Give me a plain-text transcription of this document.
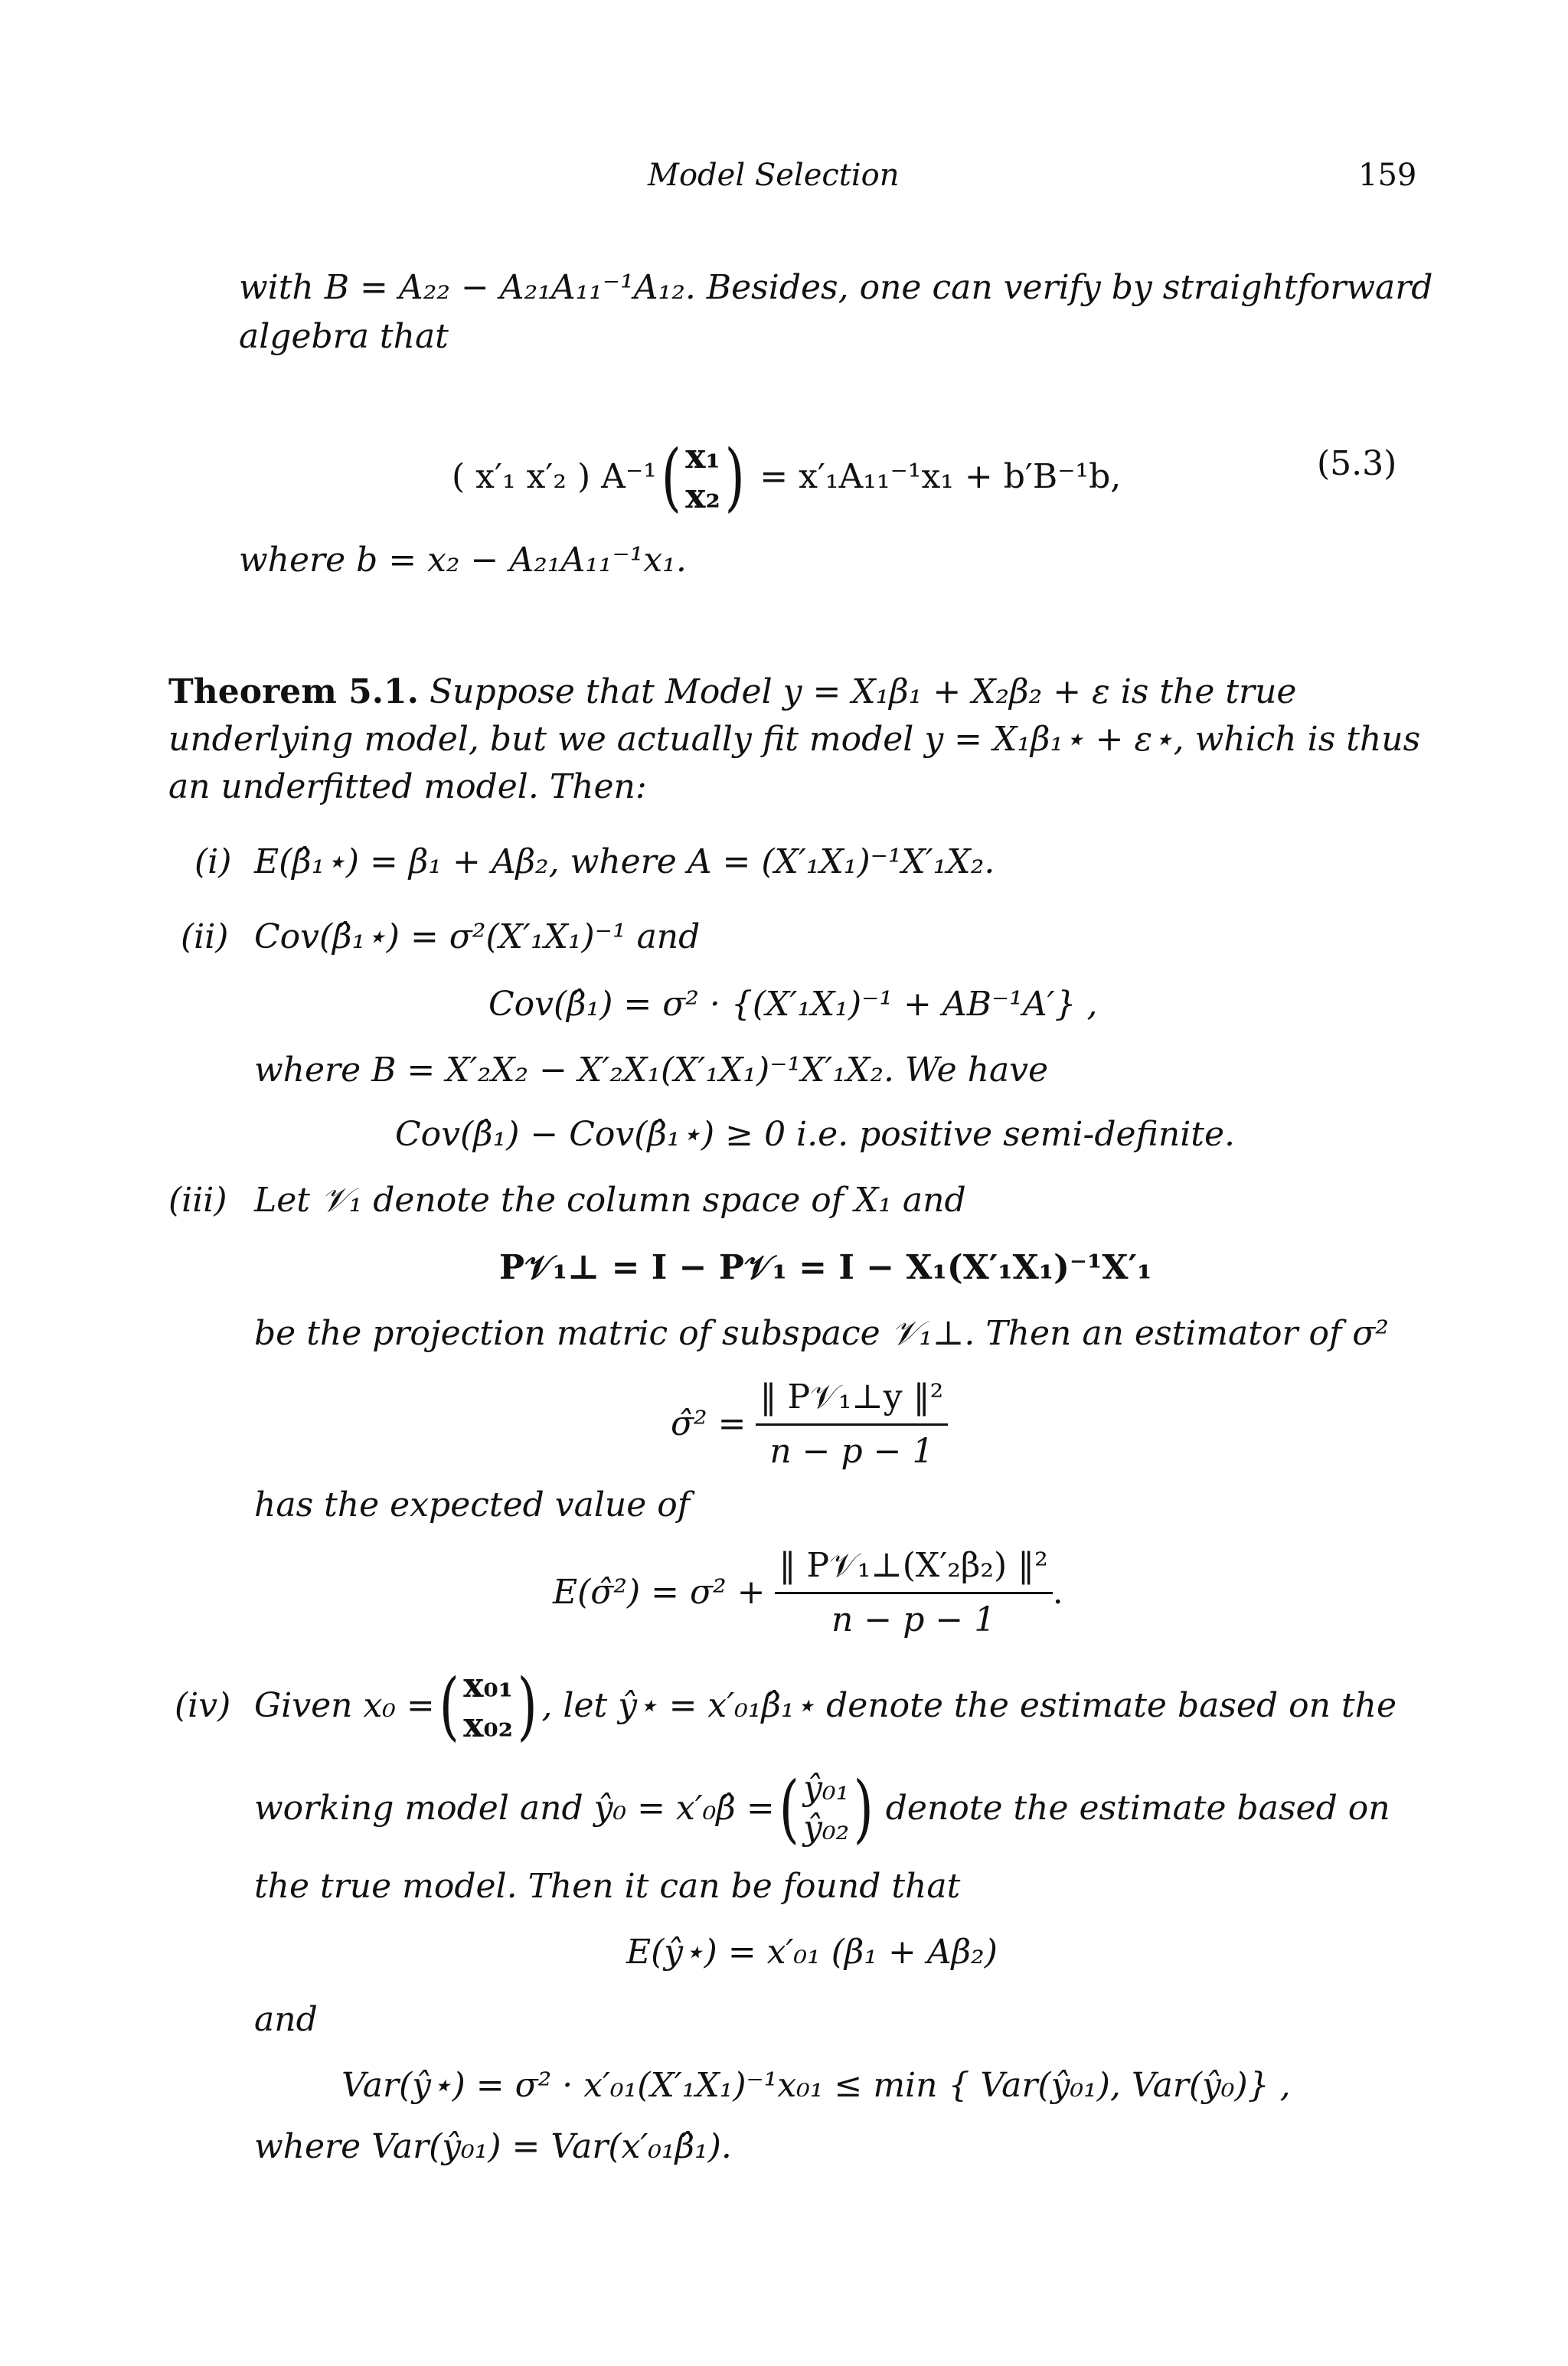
Model Selection	159
with B = A₂₂ − A₂₁A₁₁⁻¹A₁₂. Besides, one can verify by straightforward
algebra that
( x′₁ x′₂ ) A⁻¹ ( x₁
x₂ ) = x′₁A₁₁⁻¹x₁ + b′B⁻¹b,	(5.3)
where b = x₂ − A₂₁A₁₁⁻¹x₁.
Theorem 5.1. Suppose that Model y = X₁β₁ + X₂β₂ + ε is the true
underlying model, but we actually fit model y = X₁β₁⋆ + ε⋆, which is thus
an underfitted model. Then:
(i) E(β̂₁⋆) = β₁ + Aβ₂, where A = (X′₁X₁)⁻¹X′₁X₂.
(ii) Cov(β̂₁⋆) = σ²(X′₁X₁)⁻¹ and
Cov(β̂₁) = σ² · {(X′₁X₁)⁻¹ + AB⁻¹A′} ,
where B = X′₂X₂ − X′₂X₁(X′₁X₁)⁻¹X′₁X₂. We have
Cov(β̂₁) − Cov(β̂₁⋆) ≥ 0 i.e. positive semi-definite.
(iii) Let 𝒱₁ denote the column space of X₁ and
P𝒱₁⊥ = I − P𝒱₁ = I − X₁(X′₁X₁)⁻¹X′₁
be the projection matric of subspace 𝒱₁⊥. Then an estimator of σ²
σ̂² = $\frac{\text{‖ P𝒱₁⊥y ‖²}}{n - p - 1}$
has the expected value of
E(σ̂²) = $\sigma^2 + \frac{\text{‖ P𝒱₁⊥(X′₂β₂) ‖²}}{n - p - 1}$ .
(iv) Given x₀ = ( x₀₁
x₀₂ ) , let ŷ⋆ = x′₀₁β̂₁⋆ denote the estimate based on the
working model and ŷ₀ = x′₀β̂ = ( ŷ₀₁
ŷ₀₂ ) denote the estimate based on
the true model. Then it can be found that
E(ŷ⋆) = x′₀₁ (β₁ + Aβ₂)
and
Var(ŷ⋆) = σ² · x′₀₁(X′₁X₁)⁻¹x₀₁ ≤ min { Var(ŷ₀₁), Var(ŷ₀)} ,
where Var(ŷ₀₁) = Var(x′₀₁β̂₁).
